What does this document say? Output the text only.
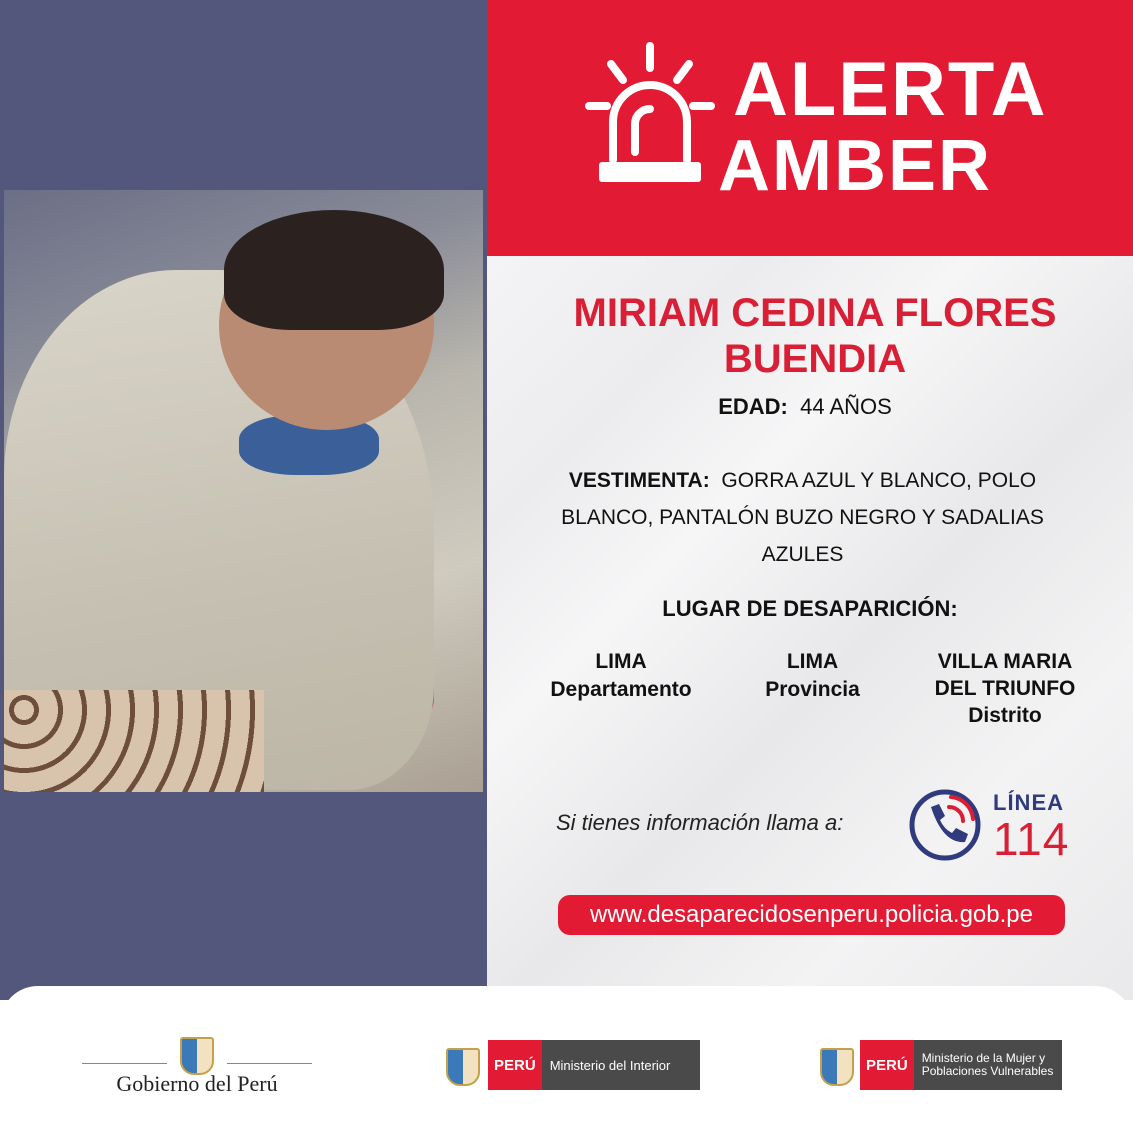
ALERTA
AMBER
MIRIAM CEDINA FLORES BUENDIA
EDAD: 44 AÑOS
VESTIMENTA: GORRA AZUL Y BLANCO, POLO BLANCO, PANTALÓN BUZO NEGRO Y SADALIAS AZULES
LUGAR DE DESAPARICIÓN:
LIMA
Departamento
LIMA
Provincia
VILLA MARIA DEL TRIUNFO
Distrito
Si tienes información llama a:
LÍNEA
114
www.desaparecidosenperu.policia.gob.pe
Gobierno del Perú
PERÚ	Ministerio del Interior	PERÚ	Ministerio de la Mujer y Poblaciones Vulnerables
